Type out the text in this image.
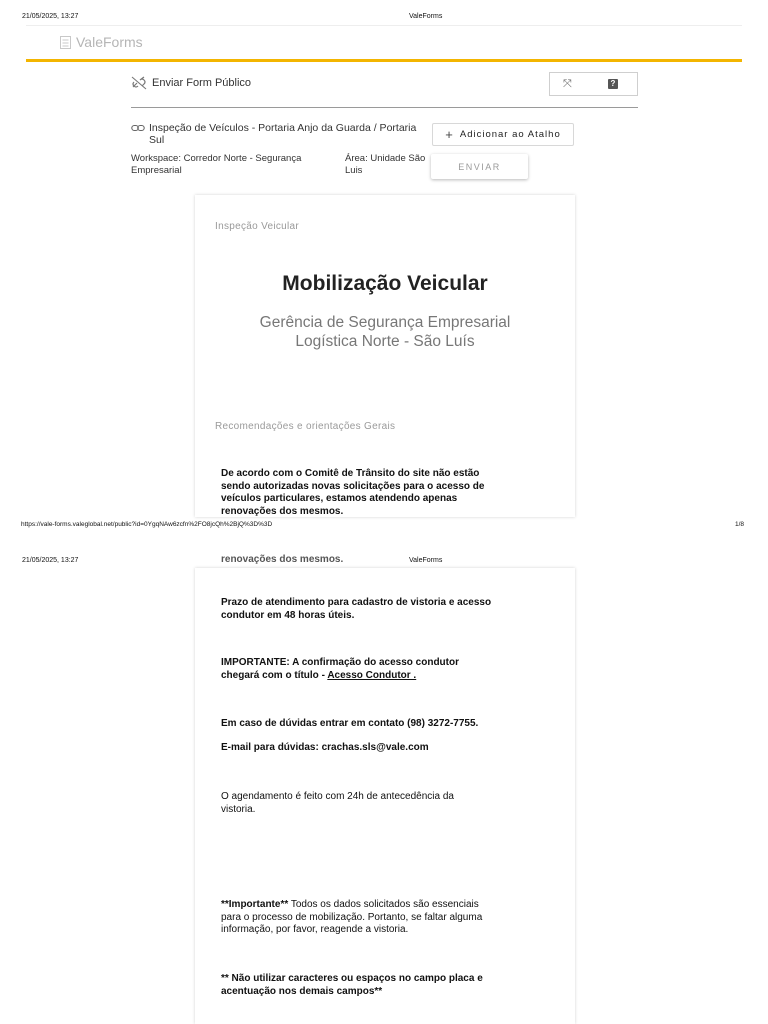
21/05/2025, 13:27	ValeForms
ValeForms
Enviar Form Público	⤧	?
Inspeção de Veículos - Portaria Anjo da Guarda / Portaria Sul
Workspace: Corredor Norte - Segurança Empresarial
Área: Unidade São Luis
+ Adicionar ao Atalho
ENVIAR
Inspeção Veicular
Mobilização Veicular
Gerência de Segurança Empresarial
Logística Norte - São Luís
Recomendações e orientações Gerais
De acordo com o Comitê de Trânsito do site não estão sendo autorizadas novas solicitações para o acesso de veículos particulares, estamos atendendo apenas renovações dos mesmos.
https://vale-forms.valeglobal.net/public?id=0YgqNAw6zcfn%2FO8jcQh%2BjQ%3D%3D	1/8
21/05/2025, 13:27	ValeForms
renovações dos mesmos.
Prazo de atendimento para cadastro de vistoria e acesso condutor em 48 horas úteis.
IMPORTANTE: A confirmação do acesso condutor chegará com o título - Acesso Condutor .
Em caso de dúvidas entrar em contato (98) 3272-7755.
E-mail para dúvidas: crachas.sls@vale.com
O agendamento é feito com 24h de antecedência da vistoria.
**Importante** Todos os dados solicitados são essenciais para o processo de mobilização. Portanto, se faltar alguma informação, por favor, reagende a vistoria.
** Não utilizar caracteres ou espaços no campo placa e acentuação nos demais campos**
